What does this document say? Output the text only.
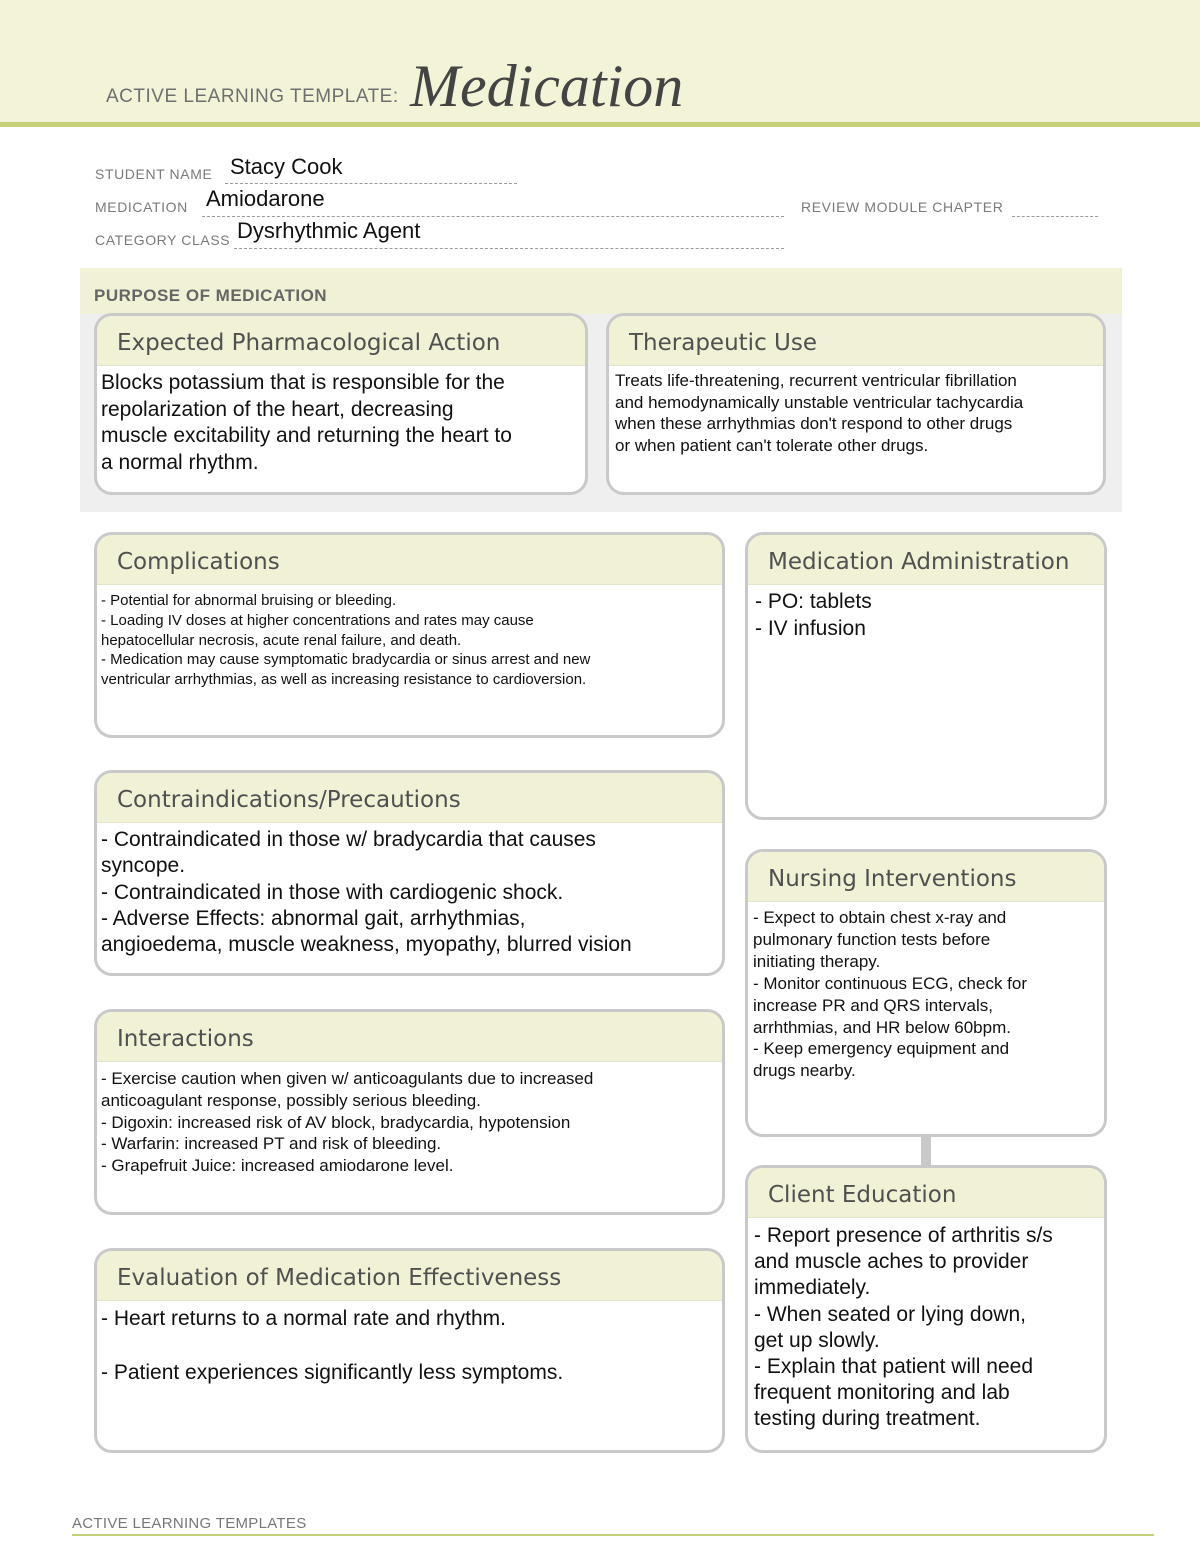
ACTIVE LEARNING TEMPLATE: Medication
STUDENT NAME Stacy Cook
MEDICATION Amiodarone	REVIEW MODULE CHAPTER
CATEGORY CLASS Dysrhythmic Agent
PURPOSE OF MEDICATION
Expected Pharmacological Action
Blocks potassium that is responsible for the
repolarization of the heart, decreasing
muscle excitability and returning the heart to
a normal rhythm.
Therapeutic Use
Treats life-threatening, recurrent ventricular fibrillation
and hemodynamically unstable ventricular tachycardia
when these arrhythmias don't respond to other drugs
or when patient can't tolerate other drugs.
Complications
- Potential for abnormal bruising or bleeding.
- Loading IV doses at higher concentrations and rates may cause
hepatocellular necrosis, acute renal failure, and death.
- Medication may cause symptomatic bradycardia or sinus arrest and new
ventricular arrhythmias, as well as increasing resistance to cardioversion.
Medication Administration
- PO: tablets
- IV infusion
Contraindications/Precautions
- Contraindicated in those w/ bradycardia that causes
syncope.
- Contraindicated in those with cardiogenic shock.
- Adverse Effects: abnormal gait, arrhythmias,
angioedema, muscle weakness, myopathy, blurred vision
Nursing Interventions
- Expect to obtain chest x-ray and
pulmonary function tests before
initiating therapy.
- Monitor continuous ECG, check for
increase PR and QRS intervals,
arrhthmias, and HR below 60bpm.
- Keep emergency equipment and
drugs nearby.
Interactions
- Exercise caution when given w/ anticoagulants due to increased
anticoagulant response, possibly serious bleeding.
- Digoxin: increased risk of AV block, bradycardia, hypotension
- Warfarin: increased PT and risk of bleeding.
- Grapefruit Juice: increased amiodarone level.
Client Education
- Report presence of arthritis s/s
and muscle aches to provider
immediately.
- When seated or lying down,
get up slowly.
- Explain that patient will need
frequent monitoring and lab
testing during treatment.
Evaluation of Medication Effectiveness
- Heart returns to a normal rate and rhythm.
- Patient experiences significantly less symptoms.
ACTIVE LEARNING TEMPLATES
